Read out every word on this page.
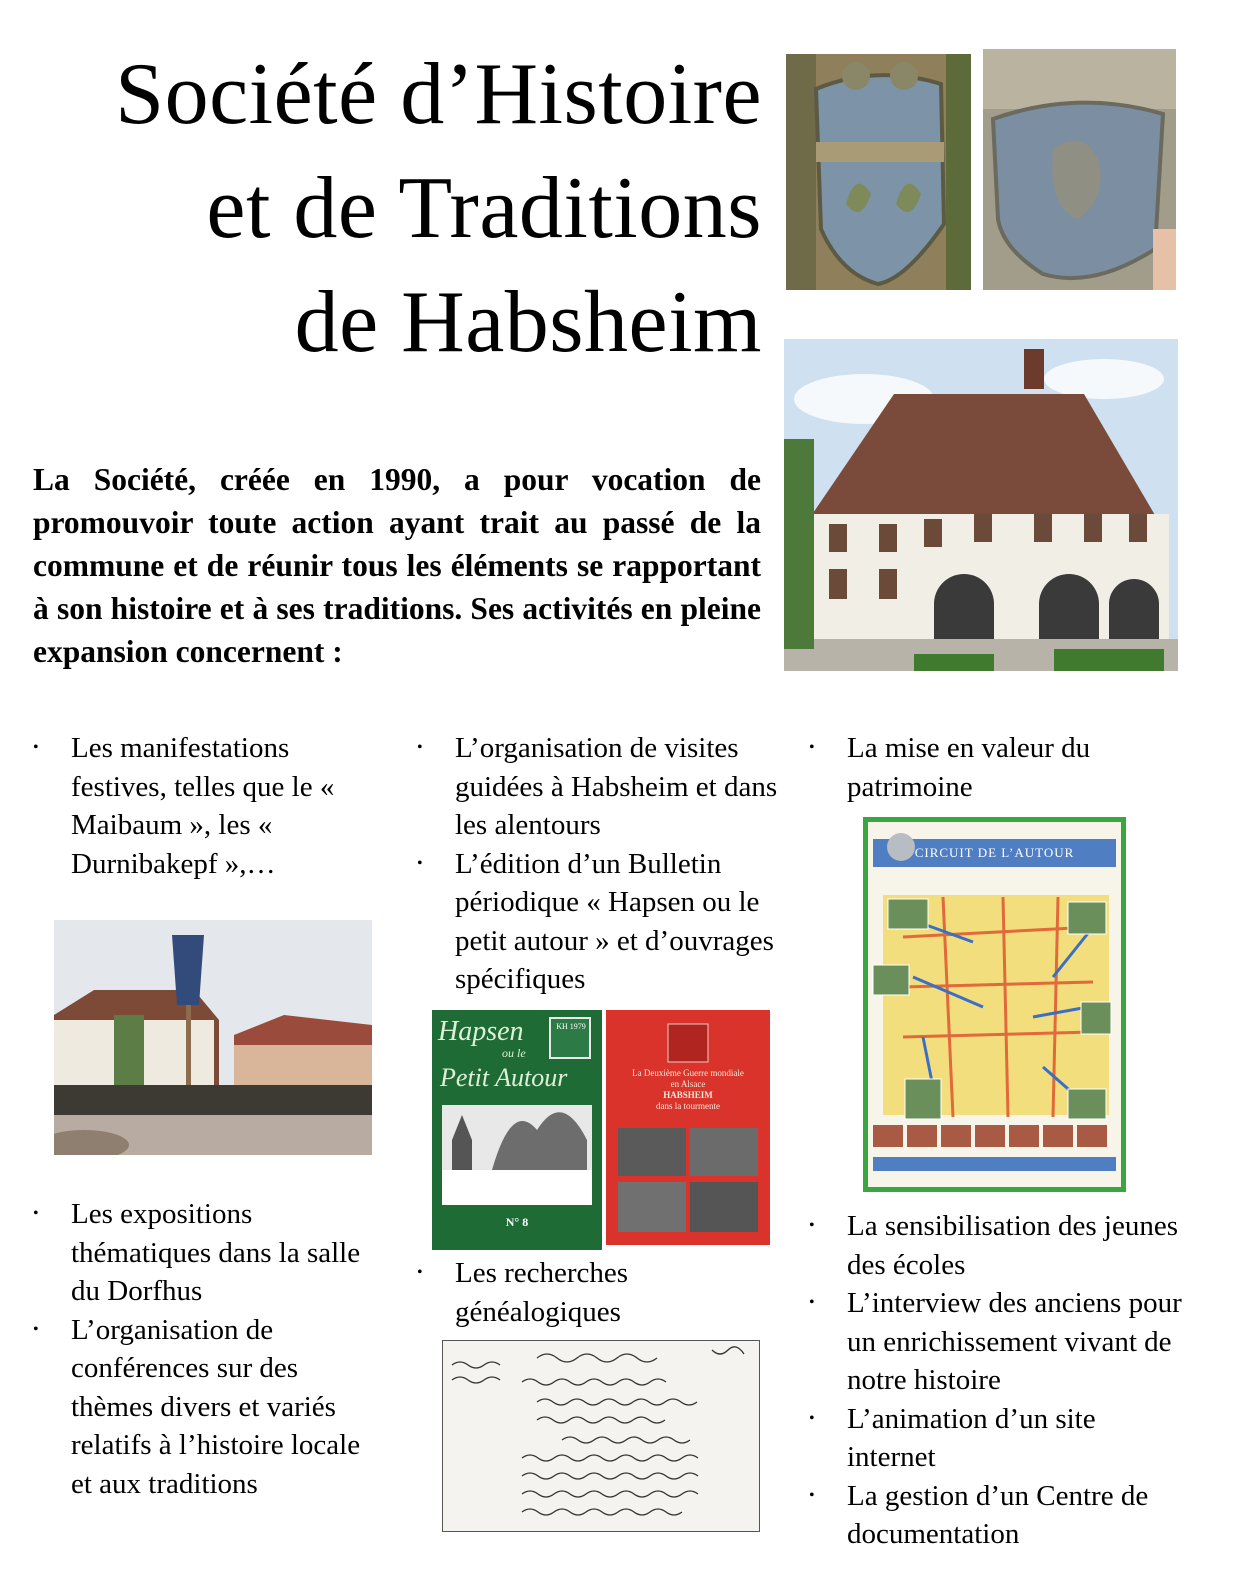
Société d’Histoire
et de Traditions
de Habsheim
La Société, créée en 1990, a pour vocation de promouvoir toute action ayant trait au passé de la commune et de réunir tous les éléments se rapportant à son histoire et à ses traditions. Ses activités en pleine expansion concernent :
• Les manifestations festives, telles que le « Maibaum », les « Durnibakepf »,…
• Les expositions thématiques dans la salle du Dorfhus
• L’organisation de conférences sur des thèmes divers et variés relatifs à l’histoire locale et aux traditions
• L’organisation de visites guidées à Habsheim et dans les alentours
• L’édition d’un Bulletin périodique « Hapsen ou le petit autour » et d’ouvrages spécifiques
Hapsen
ou le
Petit Autour
KH 1979
N° 8
La Deuxième Guerre mondiale
en Alsace
HABSHEIM
dans la tourmente
• Les recherches généalogiques
• La mise en valeur du patrimoine
CIRCUIT DE L’AUTOUR
• La sensibilisation des jeunes des écoles
• L’interview des anciens pour un enrichissement vivant de notre histoire
• L’animation d’un site internet
• La gestion d’un Centre de documentation
